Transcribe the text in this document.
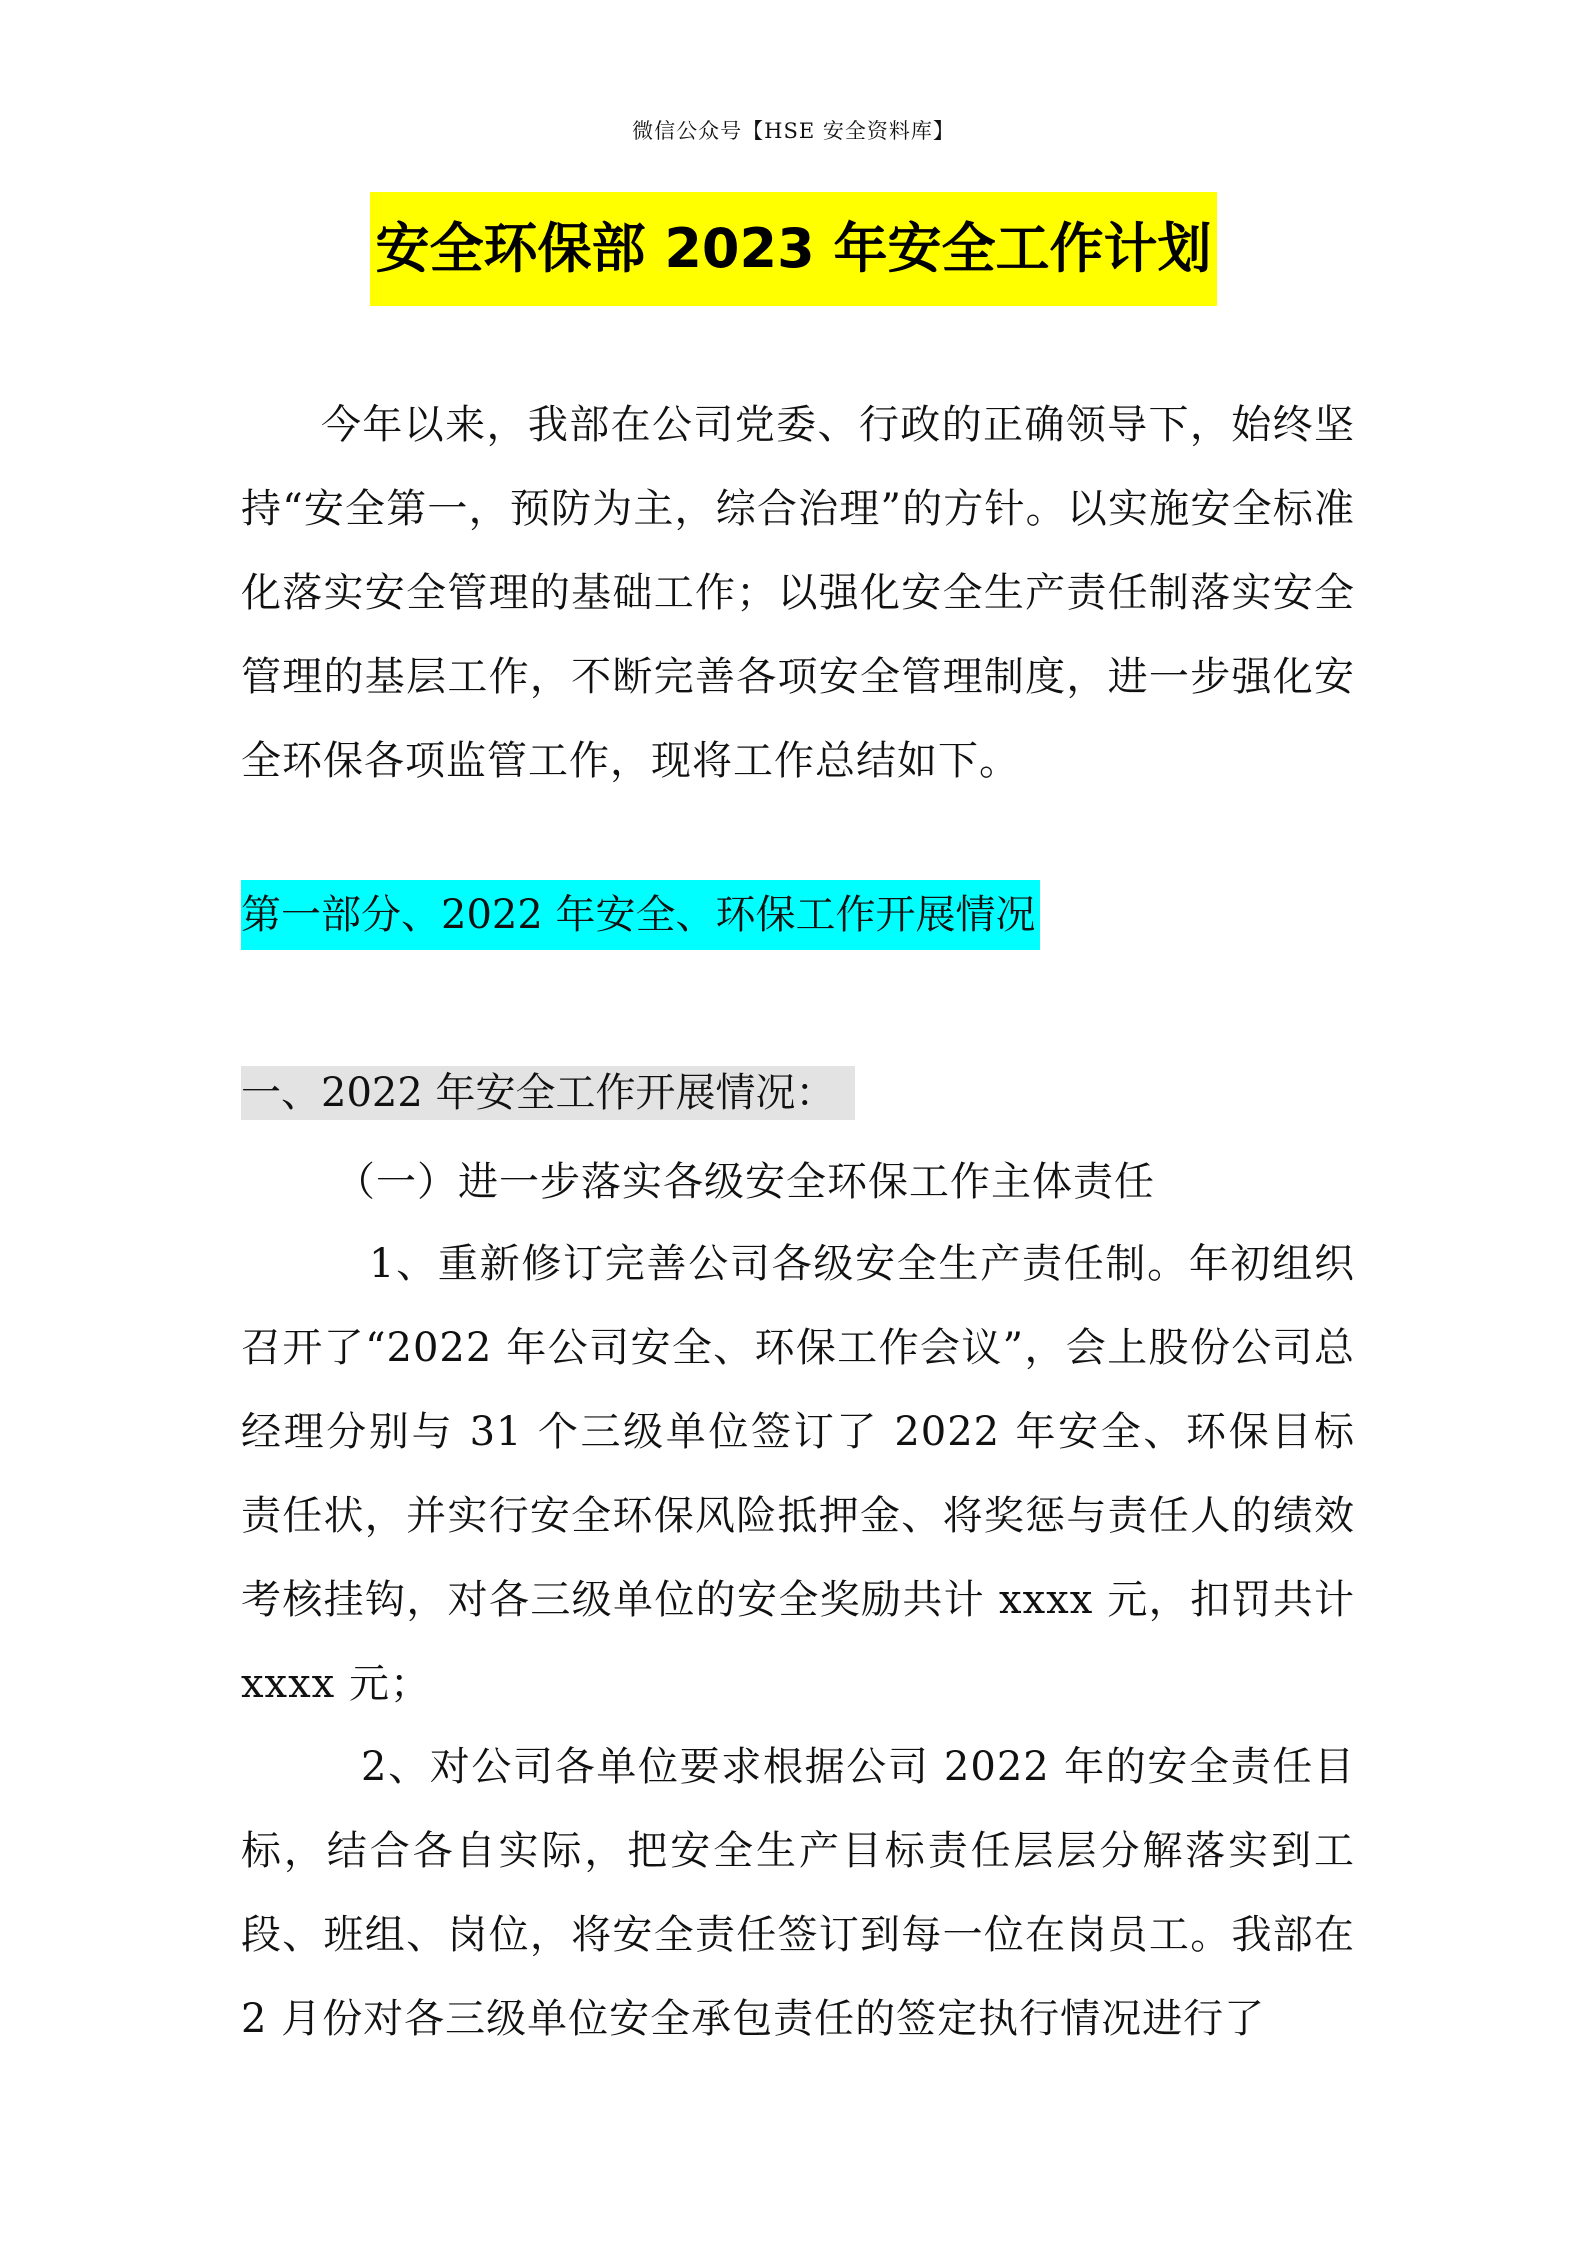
微信公众号【HSE 安全资料库】
安全环保部 2023 年安全工作计划

今年以来，我部在公司党委、行政的正确领导下，始终坚持“安全第一，预防为主，综合治理”的方针。以实施安全标准化落实安全管理的基础工作；以强化安全生产责任制落实安全管理的基层工作，不断完善各项安全管理制度，进一步强化安全环保各项监管工作，现将工作总结如下。

第一部分、2022 年安全、环保工作开展情况
一、2022 年安全工作开展情况：
（一）进一步落实各级安全环保工作主体责任

1、重新修订完善公司各级安全生产责任制。年初组织召开了“2022 年公司安全、环保工作会议”，会上股份公司总经理分别与 31 个三级单位签订了 2022 年安全、环保目标责任状，并实行安全环保风险抵押金、将奖惩与责任人的绩效考核挂钩，对各三级单位的安全奖励共计 xxxx 元，扣罚共计 xxxx 元；

2、对公司各单位要求根据公司 2022 年的安全责任目标，结合各自实际，把安全生产目标责任层层分解落实到工段、班组、岗位，将安全责任签订到每一位在岗员工。我部在 2 月份对各三级单位安全承包责任的签定执行情况进行了
